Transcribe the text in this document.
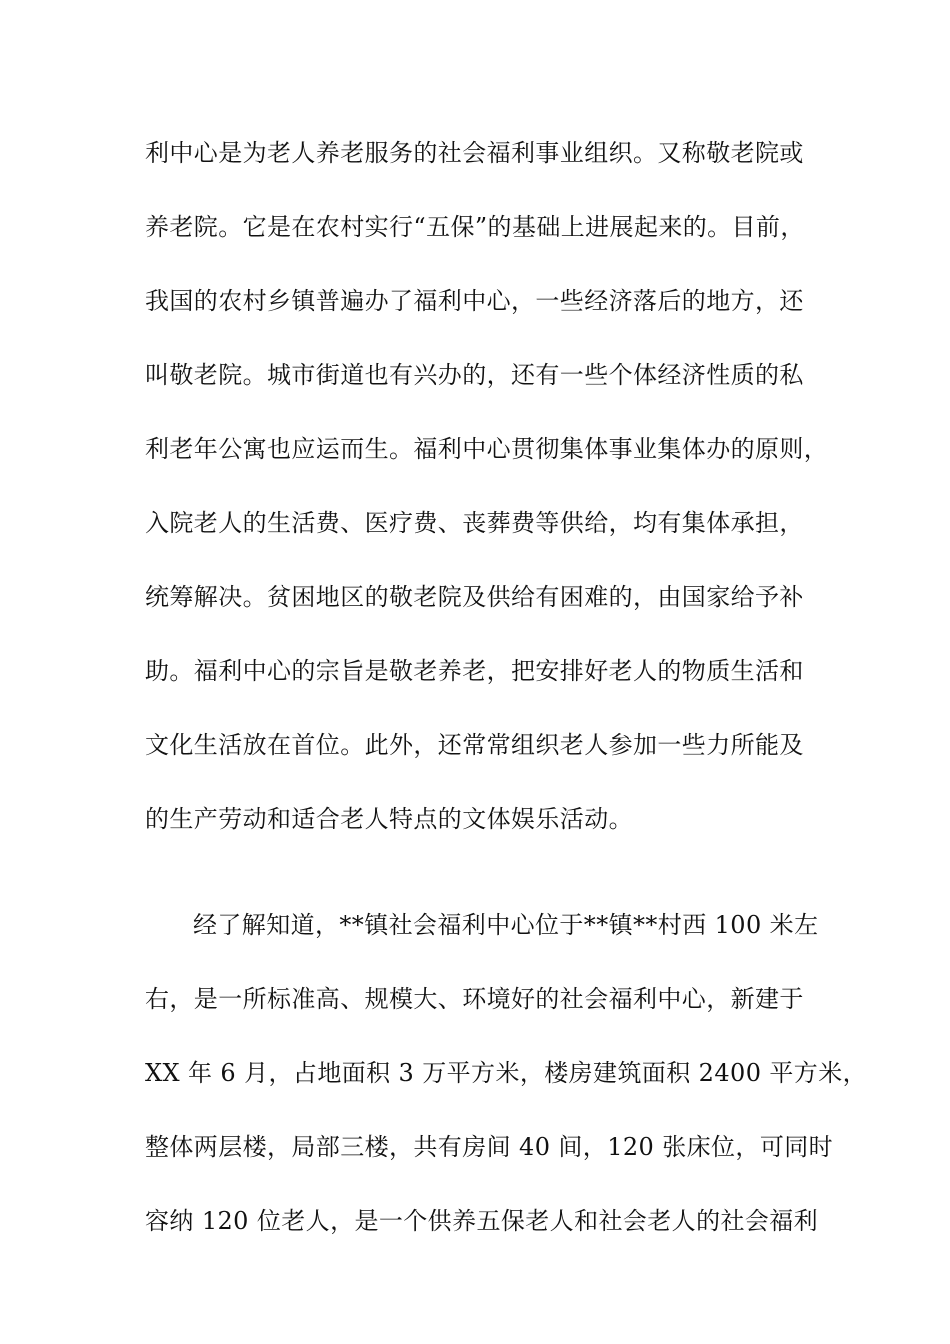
利中心是为老人养老服务的社会福利事业组织。又称敬老院或
养老院。它是在农村实行“五保”的基础上进展起来的。目前，
我国的农村乡镇普遍办了福利中心，一些经济落后的地方，还
叫敬老院。城市街道也有兴办的，还有一些个体经济性质的私
利老年公寓也应运而生。福利中心贯彻集体事业集体办的原则，
入院老人的生活费、医疗费、丧葬费等供给，均有集体承担，
统筹解决。贫困地区的敬老院及供给有困难的，由国家给予补
助。福利中心的宗旨是敬老养老，把安排好老人的物质生活和
文化生活放在首位。此外，还常常组织老人参加一些力所能及
的生产劳动和适合老人特点的文体娱乐活动。
经了解知道，**镇社会福利中心位于**镇**村西 100 米左
右，是一所标准高、规模大、环境好的社会福利中心，新建于
XX 年 6 月，占地面积 3 万平方米，楼房建筑面积 2400 平方米，
整体两层楼，局部三楼，共有房间 40 间，120 张床位，可同时
容纳 120 位老人，是一个供养五保老人和社会老人的社会福利
